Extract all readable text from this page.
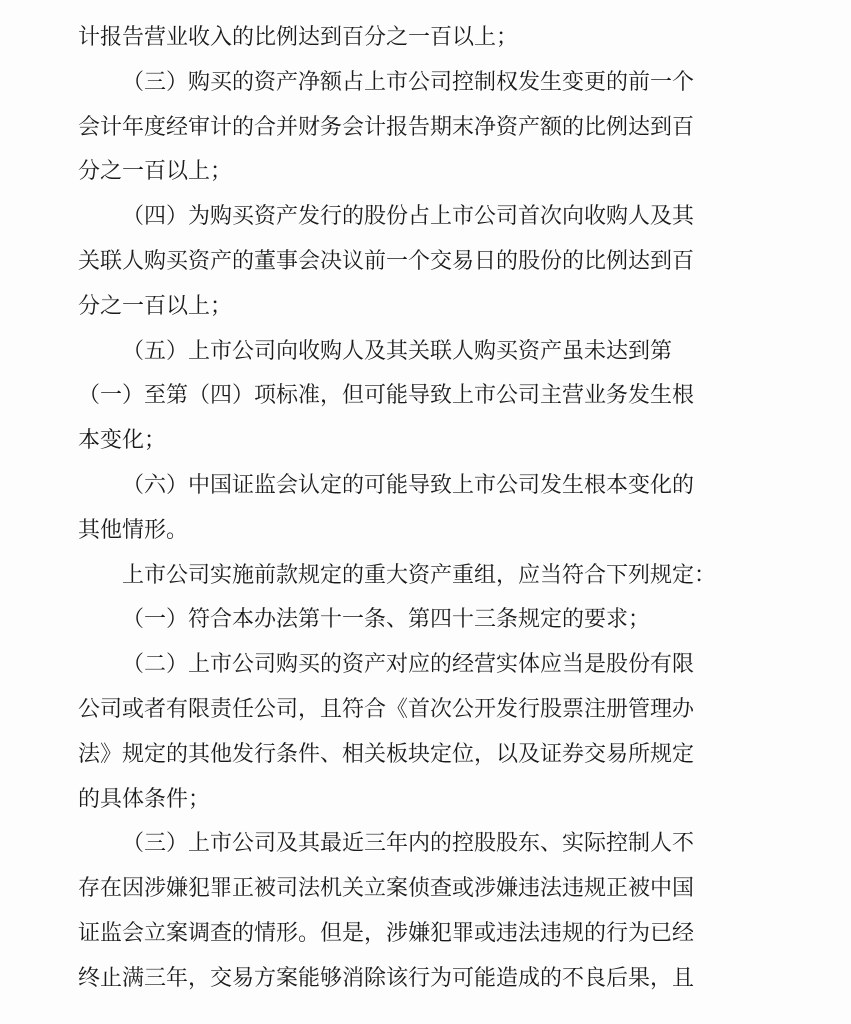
计报告营业收入的比例达到百分之一百以上；
（三）购买的资产净额占上市公司控制权发生变更的前一个
会计年度经审计的合并财务会计报告期末净资产额的比例达到百
分之一百以上；
（四）为购买资产发行的股份占上市公司首次向收购人及其
关联人购买资产的董事会决议前一个交易日的股份的比例达到百
分之一百以上；
（五）上市公司向收购人及其关联人购买资产虽未达到第
（一）至第（四）项标准，但可能导致上市公司主营业务发生根
本变化；
（六）中国证监会认定的可能导致上市公司发生根本变化的
其他情形。
上市公司实施前款规定的重大资产重组，应当符合下列规定：
（一）符合本办法第十一条、第四十三条规定的要求；
（二）上市公司购买的资产对应的经营实体应当是股份有限
公司或者有限责任公司，且符合《首次公开发行股票注册管理办
法》规定的其他发行条件、相关板块定位，以及证券交易所规定
的具体条件；
（三）上市公司及其最近三年内的控股股东、实际控制人不
存在因涉嫌犯罪正被司法机关立案侦查或涉嫌违法违规正被中国
证监会立案调查的情形。但是，涉嫌犯罪或违法违规的行为已经
终止满三年，交易方案能够消除该行为可能造成的不良后果，且
